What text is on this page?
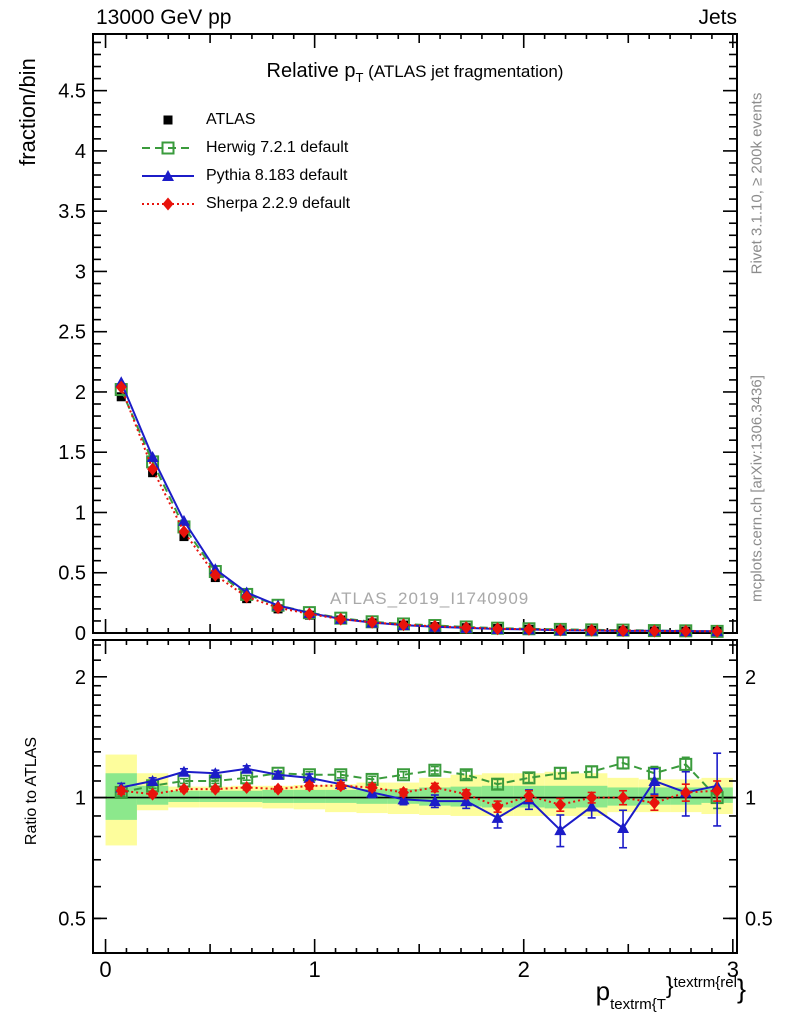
0
0.5
1
1.5
2
2.5
3
3.5
4
4.5
0.5	0.5
1	1
2	2
0	1	2	3
13000 GeV pp	Jets
Relative $p_T$ (ATLAS jet fragmentation)
ATLAS
Herwig 7.2.1 default
Pythia 8.183 default
Sherpa 2.2.9 default
fraction/bin
Ratio to ATLAS
ATLAS_2019_I1740909
Rivet 3.1.10, ≥ 200k events
mcplots.cern.ch [arXiv:1306.3436]
$p_{textrm\{T}\}^{textrm\{rel}$}
